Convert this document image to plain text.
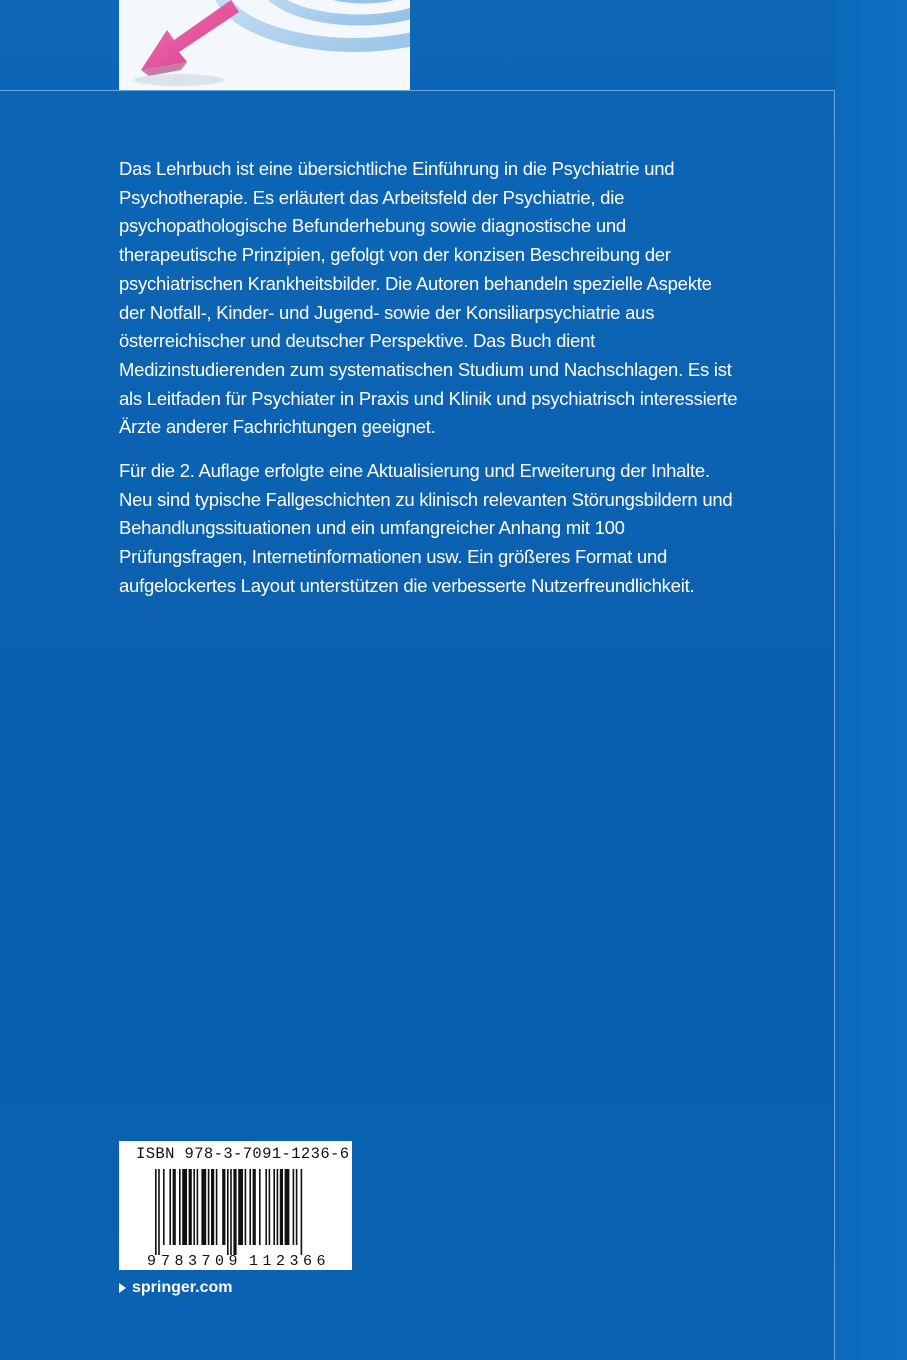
Das Lehrbuch ist eine übersichtliche Einführung in die Psychiatrie und Psychotherapie. Es erläutert das Arbeitsfeld der Psychiatrie, die psychopathologische Befunderhebung sowie diagnostische und therapeutische Prinzipien, gefolgt von der konzisen Beschreibung der psychiatrischen Krankheitsbilder. Die Autoren behandeln spezielle Aspekte der Notfall-, Kinder- und Jugend- sowie der Konsiliarpsychiatrie aus österreichischer und deutscher Perspektive. Das Buch dient Medizinstudierenden zum systematischen Studium und Nachschlagen. Es ist als Leitfaden für Psychiater in Praxis und Klinik und psychiatrisch interessierte Ärzte anderer Fachrichtungen geeignet.

Für die 2. Auflage erfolgte eine Aktualisierung und Erweiterung der Inhalte. Neu sind typische Fallgeschichten zu klinisch relevanten Störungsbildern und Behandlungssituationen und ein umfangreicher Anhang mit 100 Prüfungsfragen, Internetinformationen usw. Ein größeres Format und aufgelockertes Layout unterstützen die verbesserte Nutzerfreundlichkeit.

ISBN 978-3-7091-1236-6
9 7 8 3 7 0 9 1 1 2 3 6 6
springer.com
